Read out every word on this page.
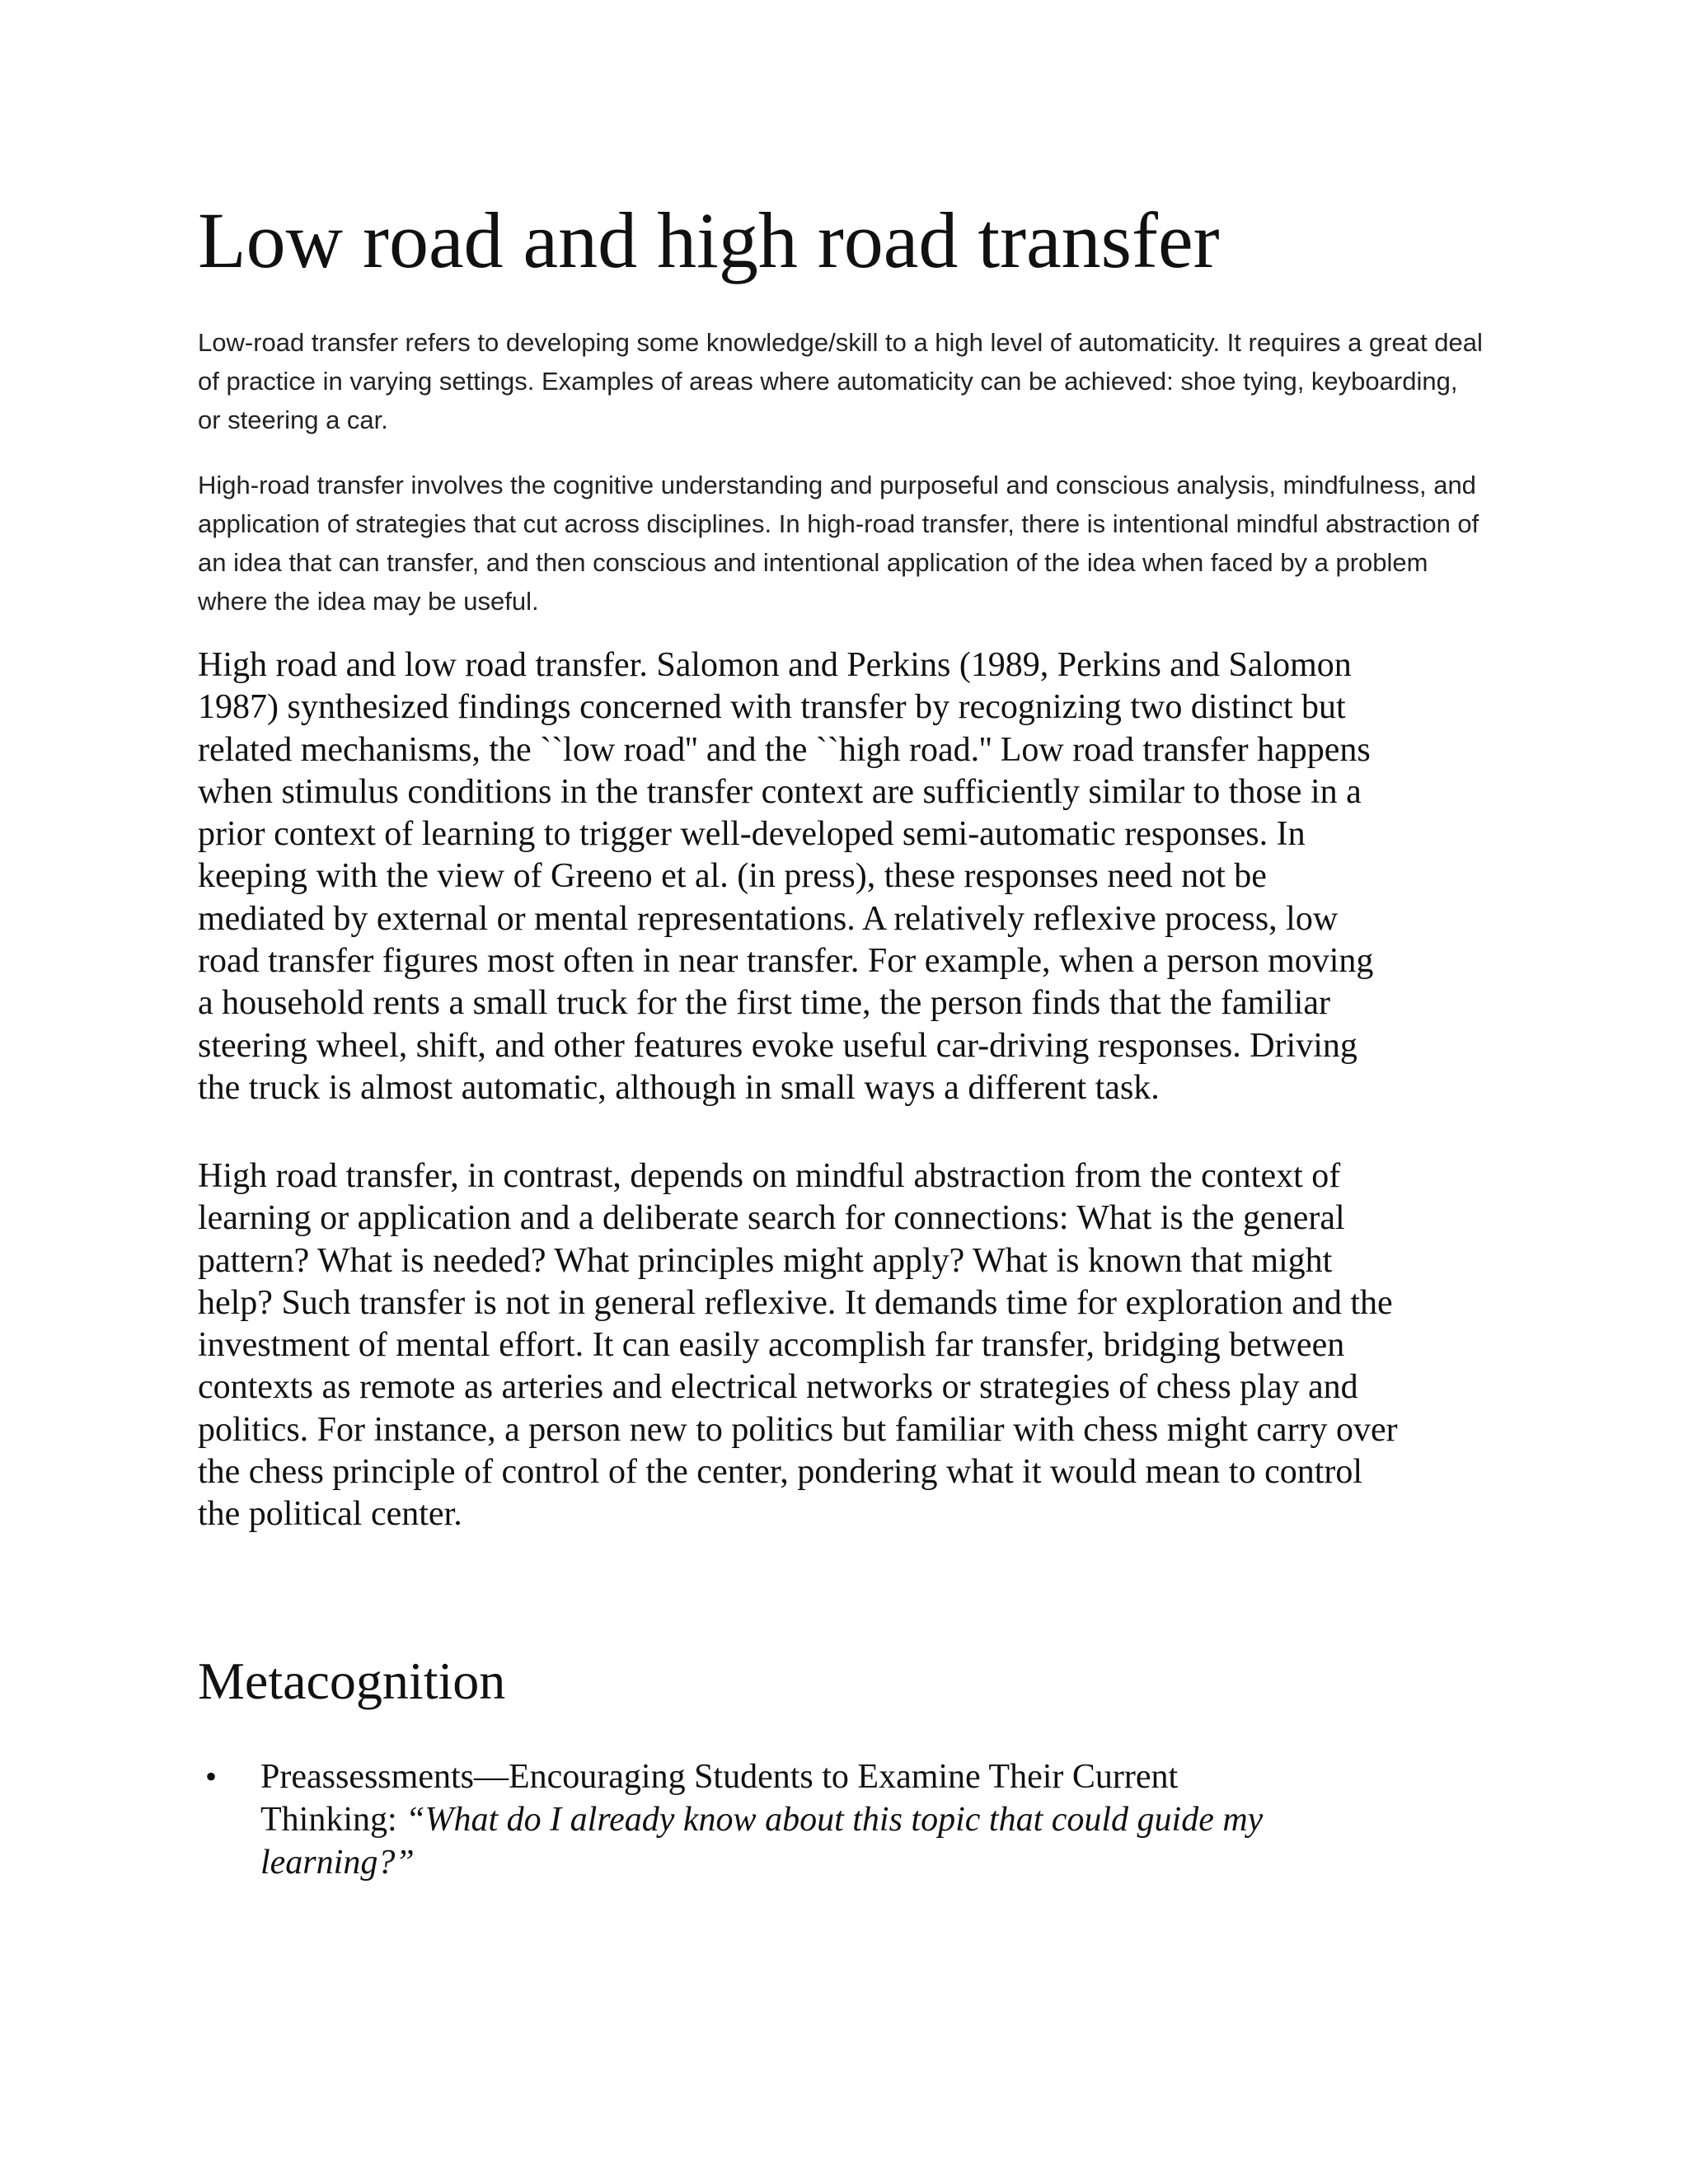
Low road and high road transfer

Low-road transfer refers to developing some knowledge/skill to a high level of automaticity. It requires a great deal of practice in varying settings. Examples of areas where automaticity can be achieved: shoe tying, keyboarding, or steering a car.

High-road transfer involves the cognitive understanding and purposeful and conscious analysis, mindfulness, and application of strategies that cut across disciplines. In high-road transfer, there is intentional mindful abstraction of an idea that can transfer, and then conscious and intentional application of the idea when faced by a problem where the idea may be useful.

High road and low road transfer. Salomon and Perkins (1989, Perkins and Salomon
1987) synthesized findings concerned with transfer by recognizing two distinct but
related mechanisms, the ``low road'' and the ``high road.'' Low road transfer happens
when stimulus conditions in the transfer context are sufficiently similar to those in a
prior context of learning to trigger well-developed semi-automatic responses. In
keeping with the view of Greeno et al. (in press), these responses need not be
mediated by external or mental representations. A relatively reflexive process, low
road transfer figures most often in near transfer. For example, when a person moving
a household rents a small truck for the first time, the person finds that the familiar
steering wheel, shift, and other features evoke useful car-driving responses. Driving
the truck is almost automatic, although in small ways a different task.

High road transfer, in contrast, depends on mindful abstraction from the context of
learning or application and a deliberate search for connections: What is the general
pattern? What is needed? What principles might apply? What is known that might
help? Such transfer is not in general reflexive. It demands time for exploration and the
investment of mental effort. It can easily accomplish far transfer, bridging between
contexts as remote as arteries and electrical networks or strategies of chess play and
politics. For instance, a person new to politics but familiar with chess might carry over
the chess principle of control of the center, pondering what it would mean to control
the political center.

Metacognition
• Preassessments—Encouraging Students to Examine Their Current
Thinking: “What do I already know about this topic that could guide my
learning?”
